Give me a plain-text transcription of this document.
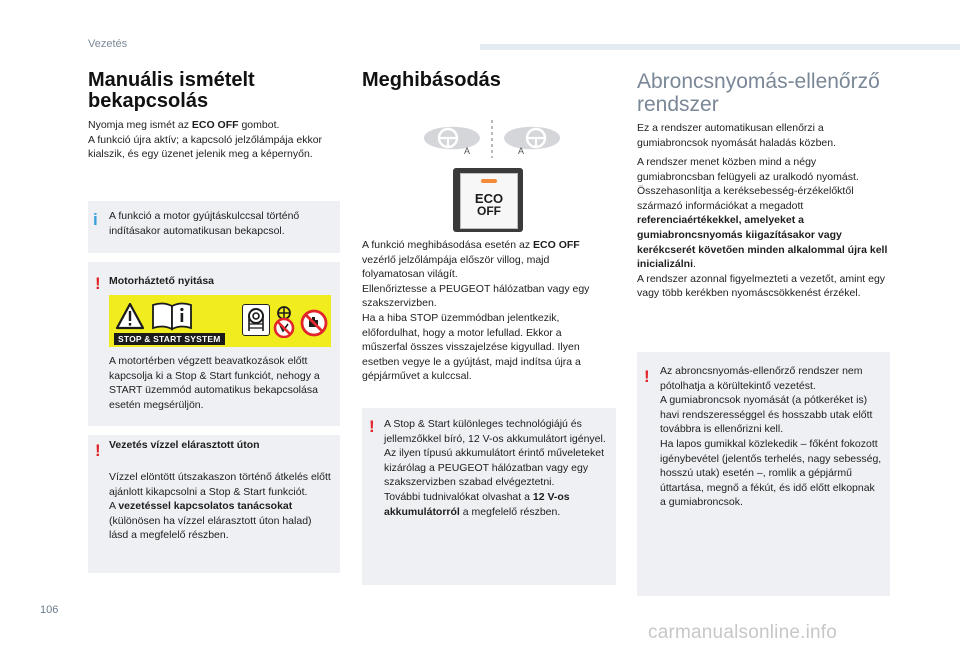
Vezetés
Manuális ismételt bekapcsolás

Nyomja meg ismét az ECO OFF gombot.
A funkció újra aktív; a kapcsoló jelzőlámpája ekkor kialszik, és egy üzenet jelenik meg a képernyőn.

i A funkció a motor gyújtáskulccsal történő indításakor automatikusan bekapcsol.

! Motorháztető nyitása
STOP & START SYSTEM

A motortérben végzett beavatkozások előtt kapcsolja ki a Stop & Start funkciót, nehogy a START üzemmód automatikus bekapcsolása esetén megsérüljön.

! Vezetés vízzel elárasztott úton

Vízzel elöntött útszakaszon történő átkelés előtt ajánlott kikapcsolni a Stop & Start funkciót.
A vezetéssel kapcsolatos tanácsokat (különösen ha vízzel elárasztott úton halad) lásd a megfelelő részben.

Meghibásodás
A	A
ECO
OFF

A funkció meghibásodása esetén az ECO OFF vezérlő jelzőlámpája először villog, majd folyamatosan világít.
Ellenőriztesse a PEUGEOT hálózatban vagy egy szakszervizben.
Ha a hiba STOP üzemmódban jelentkezik, előfordulhat, hogy a motor lefullad. Ekkor a műszerfal összes visszajelzése kigyullad. Ilyen esetben vegye le a gyújtást, majd indítsa újra a gépjárművet a kulccsal.

! A Stop & Start különleges technológiájú és jellemzőkkel bíró, 12 V-os akkumulátort igényel.
Az ilyen típusú akkumulátort érintő műveleteket kizárólag a PEUGEOT hálózatban vagy egy szakszervizben szabad elvégeztetni.
További tudnivalókat olvashat a 12 V-os akkumulátorról a megfelelő részben.

Abroncsnyomás-ellenőrző rendszer

Ez a rendszer automatikusan ellenőrzi a gumiabroncsok nyomását haladás közben.

A rendszer menet közben mind a négy gumiabroncsban felügyeli az uralkodó nyomást. Összehasonlítja a keréksebesség-érzékelőktől származó információkat a megadott referenciaértékekkel, amelyeket a gumiabroncsnyomás kiigazításakor vagy kerékcserét követően minden alkalommal újra kell inicializálni.
A rendszer azonnal figyelmezteti a vezetőt, amint egy vagy több kerékben nyomáscsökkenést érzékel.

! Az abroncsnyomás-ellenőrző rendszer nem pótolhatja a körültekintő vezetést.
A gumiabroncsok nyomását (a pótkeréket is) havi rendszerességgel és hosszabb utak előtt továbbra is ellenőrizni kell.
Ha lapos gumikkal közlekedik – főként fokozott igénybevétel (jelentős terhelés, nagy sebesség, hosszú utak) esetén –, romlik a gépjármű úttartása, megnő a fékút, és idő előtt elkopnak a gumiabroncsok.

106
carmanualsonline.info
